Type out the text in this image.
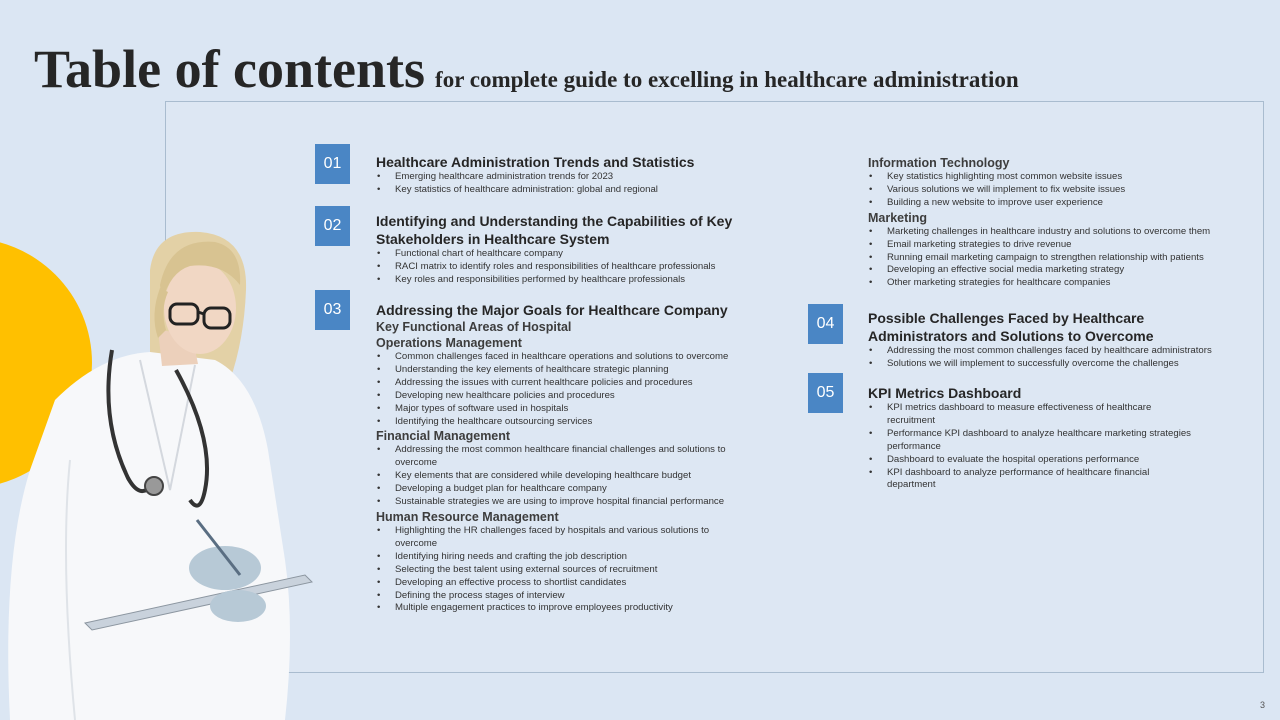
Table of contents for complete guide to excelling in healthcare administration
01	Healthcare Administration Trends and Statistics
• Emerging healthcare administration trends for 2023
• Key statistics of healthcare administration: global and regional
02	Identifying and Understanding the Capabilities of Key
Stakeholders in Healthcare System
• Functional chart of healthcare company
• RACI matrix to identify roles and responsibilities of healthcare professionals
• Key roles and responsibilities performed by healthcare professionals
03	Addressing the Major Goals for Healthcare Company
Key Functional Areas of Hospital
Operations Management
• Common challenges faced in healthcare operations and solutions to overcome
• Understanding the key elements of healthcare strategic planning
• Addressing the issues with current healthcare policies and procedures
• Developing new healthcare policies and procedures
• Major types of software used in hospitals
• Identifying the healthcare outsourcing services
Financial Management
• Addressing the most common healthcare financial challenges and solutions to overcome
• Key elements that are considered while developing healthcare budget
• Developing a budget plan for healthcare company
• Sustainable strategies we are using to improve hospital financial performance
Human Resource Management
• Highlighting the HR challenges faced by hospitals and various solutions to overcome
• Identifying hiring needs and crafting the job description
• Selecting the best talent using external sources of recruitment
• Developing an effective process to shortlist candidates
• Defining the process stages of interview
• Multiple engagement practices to improve employees productivity
Information Technology
• Key statistics highlighting most common website issues
• Various solutions we will implement to fix website issues
• Building a new website to improve user experience
Marketing
• Marketing challenges in healthcare industry and solutions to overcome them
• Email marketing strategies to drive revenue
• Running email marketing campaign to strengthen relationship with patients
• Developing an effective social media marketing strategy
• Other marketing strategies for healthcare companies
04	Possible Challenges Faced by Healthcare
Administrators and Solutions to Overcome
• Addressing the most common challenges faced by healthcare administrators
• Solutions we will implement to successfully overcome the challenges
05	KPI Metrics Dashboard
• KPI metrics dashboard to measure effectiveness of healthcare recruitment
• Performance KPI dashboard to analyze healthcare marketing strategies performance
• Dashboard to evaluate the hospital operations performance
• KPI dashboard to analyze performance of healthcare financial department
3
